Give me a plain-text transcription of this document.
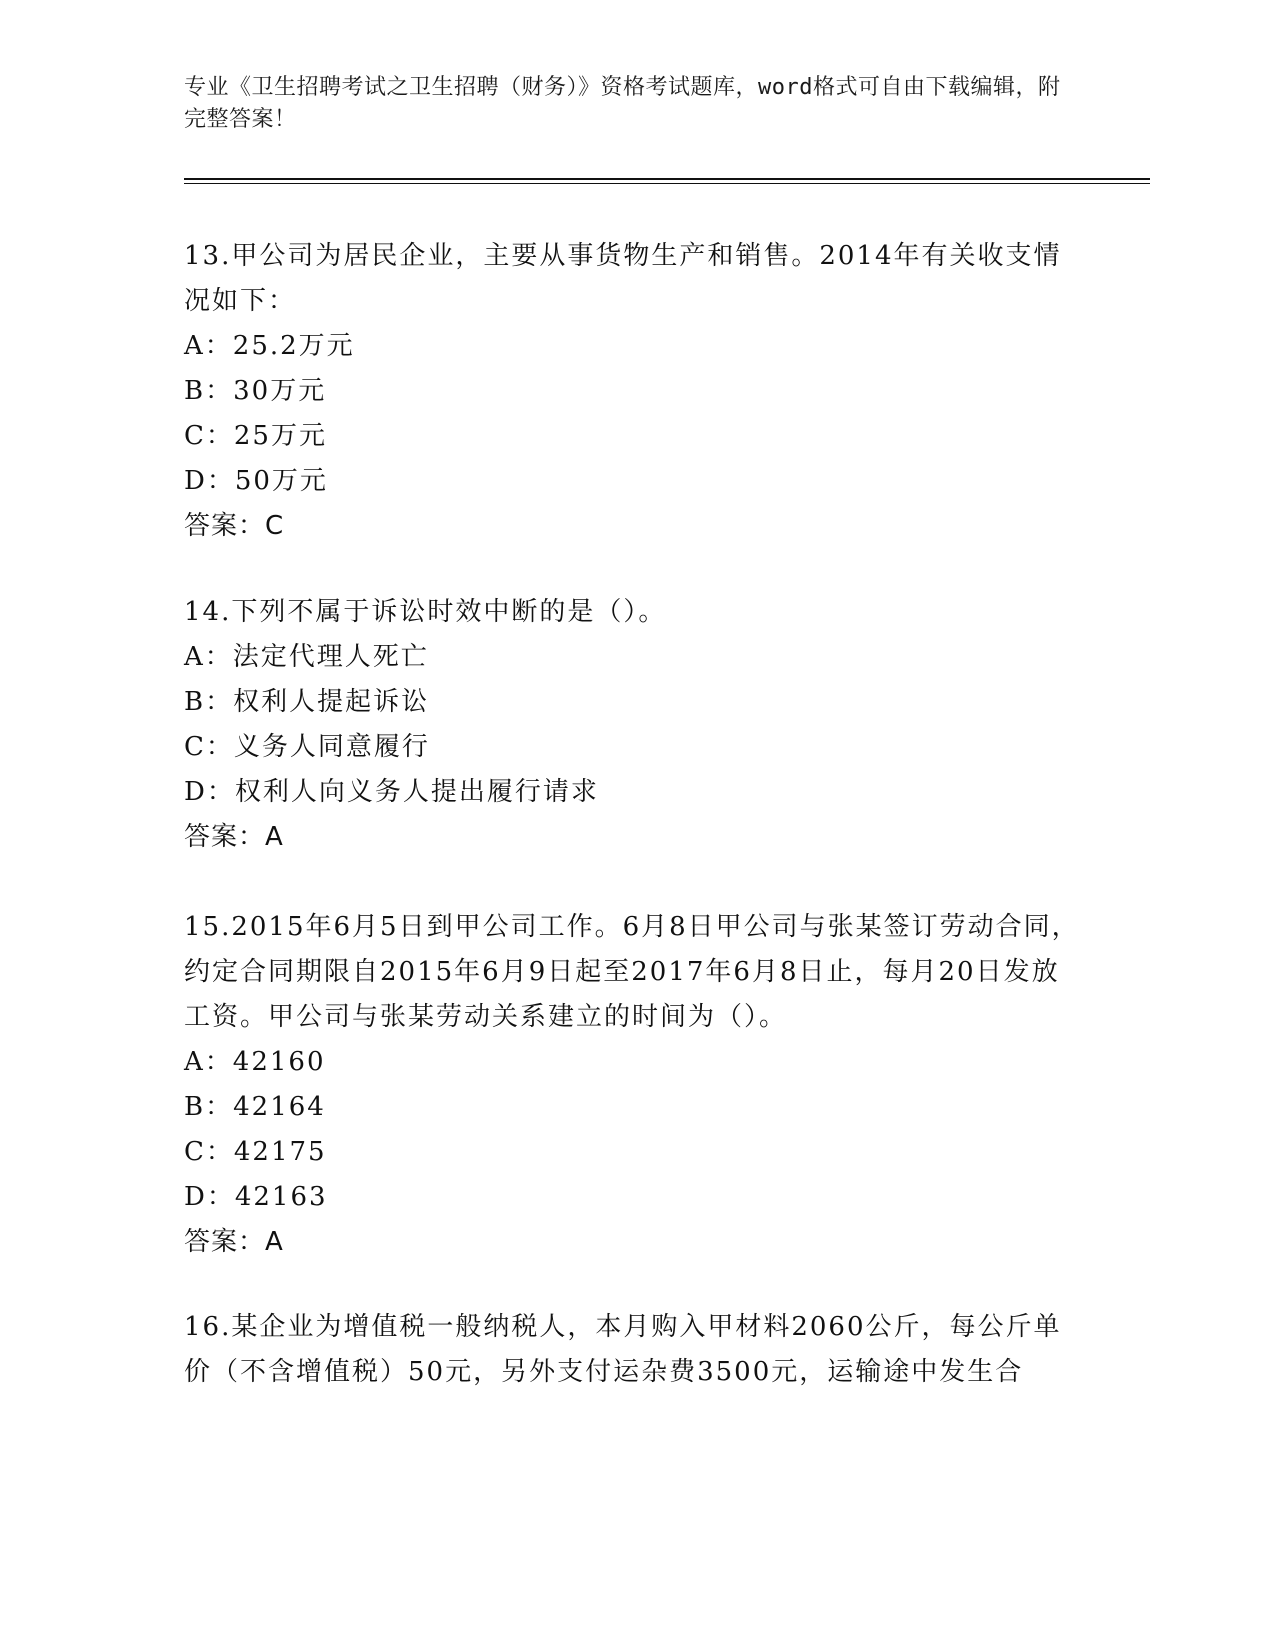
专业《卫生招聘考试之卫生招聘（财务）》资格考试题库，word格式可自由下载编辑，附完整答案！

13.甲公司为居民企业，主要从事货物生产和销售。2014年有关收支情况如下：

A：25.2万元

B：30万元

C：25万元

D：50万元

答案：C

14.下列不属于诉讼时效中断的是（）。

A：法定代理人死亡

B：权利人提起诉讼

C：义务人同意履行

D：权利人向义务人提出履行请求

答案：A

15.2015年6月5日到甲公司工作。6月8日甲公司与张某签订劳动合同，约定合同期限自2015年6月9日起至2017年6月8日止，每月20日发放工资。甲公司与张某劳动关系建立的时间为（）。

A：42160

B：42164

C：42175

D：42163

答案：A

16.某企业为增值税一般纳税人，本月购入甲材料2060公斤，每公斤单价（不含增值税）50元，另外支付运杂费3500元，运输途中发生合
